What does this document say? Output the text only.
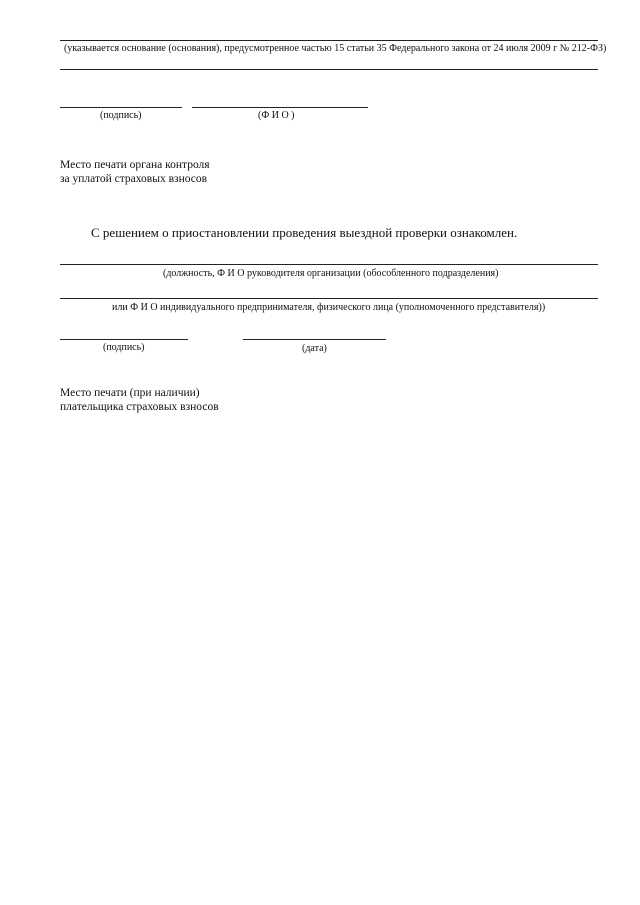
(указывается основание (основания), предусмотренное частью 15 статьи 35 Федерального закона от 24 июля 2009 г № 212-ФЗ)
(подпись)	(Ф И О )
Место печати органа контроля
за уплатой страховых взносов
С решением о приостановлении проведения выездной проверки ознакомлен.
(должность, Ф И О руководителя организации (обособленного подразделения)
или Ф И О индивидуального предпринимателя, физического лица (уполномоченного представителя))
(подпись)	(дата)
Место печати (при наличии)
плательщика страховых взносов
